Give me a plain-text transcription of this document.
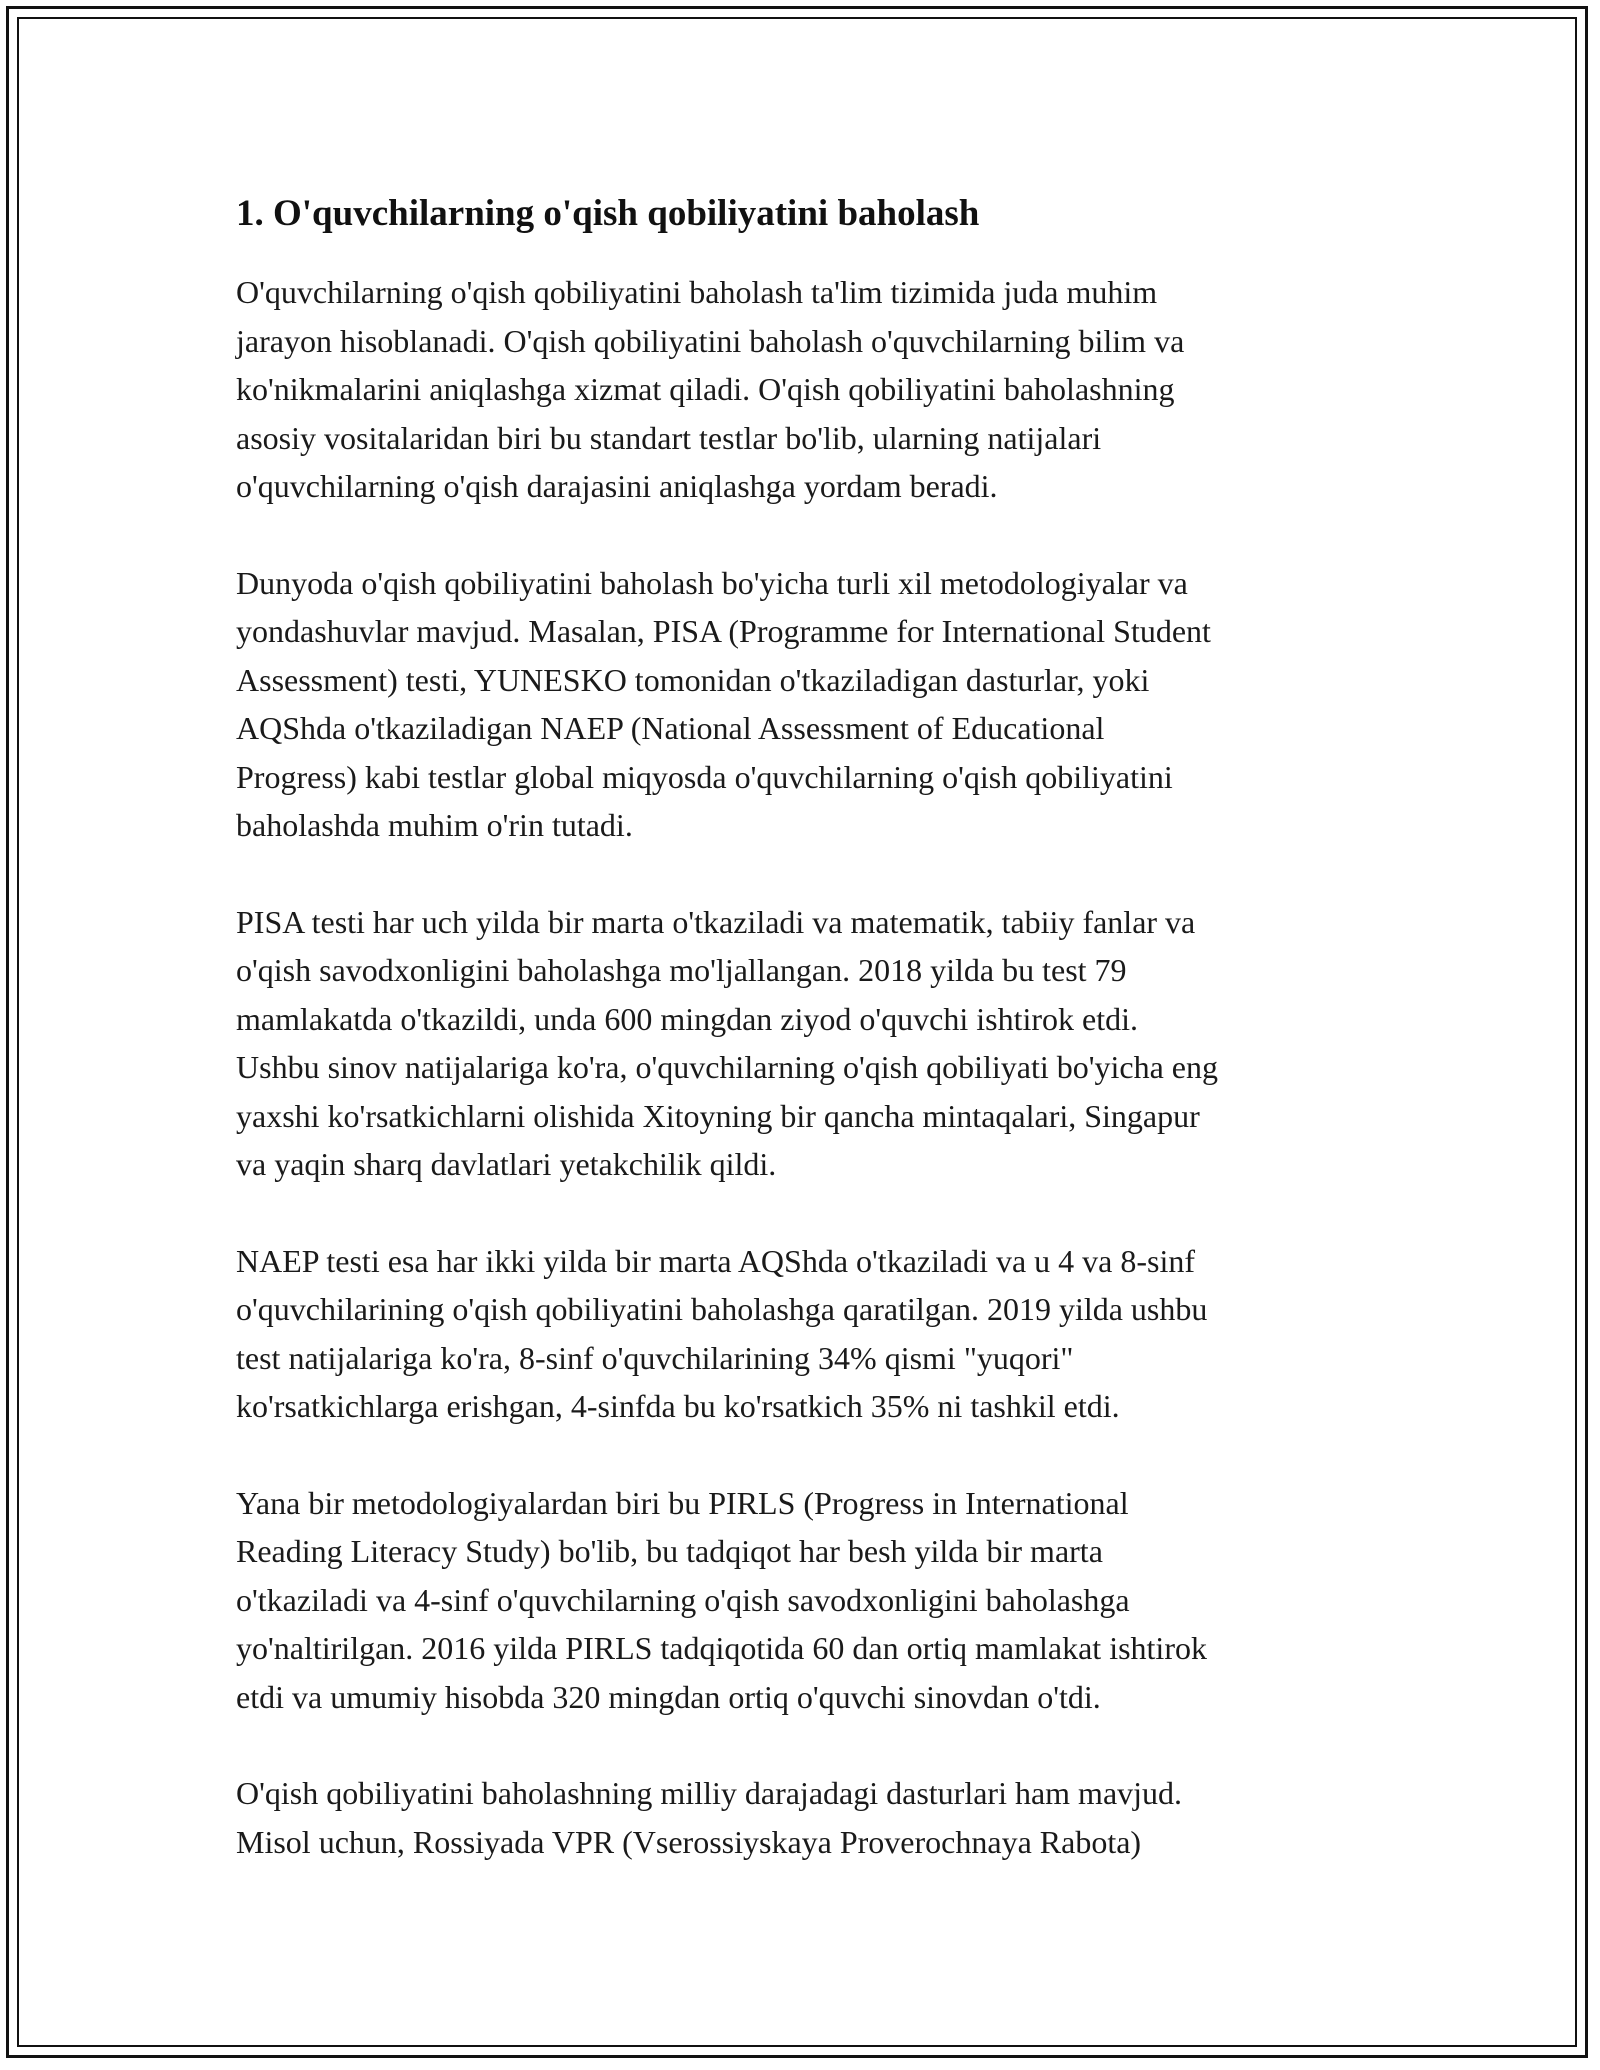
1. O'quvchilarning o'qish qobiliyatini baholash

O'quvchilarning o'qish qobiliyatini baholash ta'lim tizimida juda muhim
jarayon hisoblanadi. O'qish qobiliyatini baholash o'quvchilarning bilim va
ko'nikmalarini aniqlashga xizmat qiladi. O'qish qobiliyatini baholashning
asosiy vositalaridan biri bu standart testlar bo'lib, ularning natijalari
o'quvchilarning o'qish darajasini aniqlashga yordam beradi.

Dunyoda o'qish qobiliyatini baholash bo'yicha turli xil metodologiyalar va
yondashuvlar mavjud. Masalan, PISA (Programme for International Student
Assessment) testi, YUNESKO tomonidan o'tkaziladigan dasturlar, yoki
AQShda o'tkaziladigan NAEP (National Assessment of Educational
Progress) kabi testlar global miqyosda o'quvchilarning o'qish qobiliyatini
baholashda muhim o'rin tutadi.

PISA testi har uch yilda bir marta o'tkaziladi va matematik, tabiiy fanlar va
o'qish savodxonligini baholashga mo'ljallangan. 2018 yilda bu test 79
mamlakatda o'tkazildi, unda 600 mingdan ziyod o'quvchi ishtirok etdi.
Ushbu sinov natijalariga ko'ra, o'quvchilarning o'qish qobiliyati bo'yicha eng
yaxshi ko'rsatkichlarni olishida Xitoyning bir qancha mintaqalari, Singapur
va yaqin sharq davlatlari yetakchilik qildi.

NAEP testi esa har ikki yilda bir marta AQShda o'tkaziladi va u 4 va 8-sinf
o'quvchilarining o'qish qobiliyatini baholashga qaratilgan. 2019 yilda ushbu
test natijalariga ko'ra, 8-sinf o'quvchilarining 34% qismi "yuqori"
ko'rsatkichlarga erishgan, 4-sinfda bu ko'rsatkich 35% ni tashkil etdi.

Yana bir metodologiyalardan biri bu PIRLS (Progress in International
Reading Literacy Study) bo'lib, bu tadqiqot har besh yilda bir marta
o'tkaziladi va 4-sinf o'quvchilarning o'qish savodxonligini baholashga
yo'naltirilgan. 2016 yilda PIRLS tadqiqotida 60 dan ortiq mamlakat ishtirok
etdi va umumiy hisobda 320 mingdan ortiq o'quvchi sinovdan o'tdi.

O'qish qobiliyatini baholashning milliy darajadagi dasturlari ham mavjud.
Misol uchun, Rossiyada VPR (Vserossiyskaya Proverochnaya Rabota)
